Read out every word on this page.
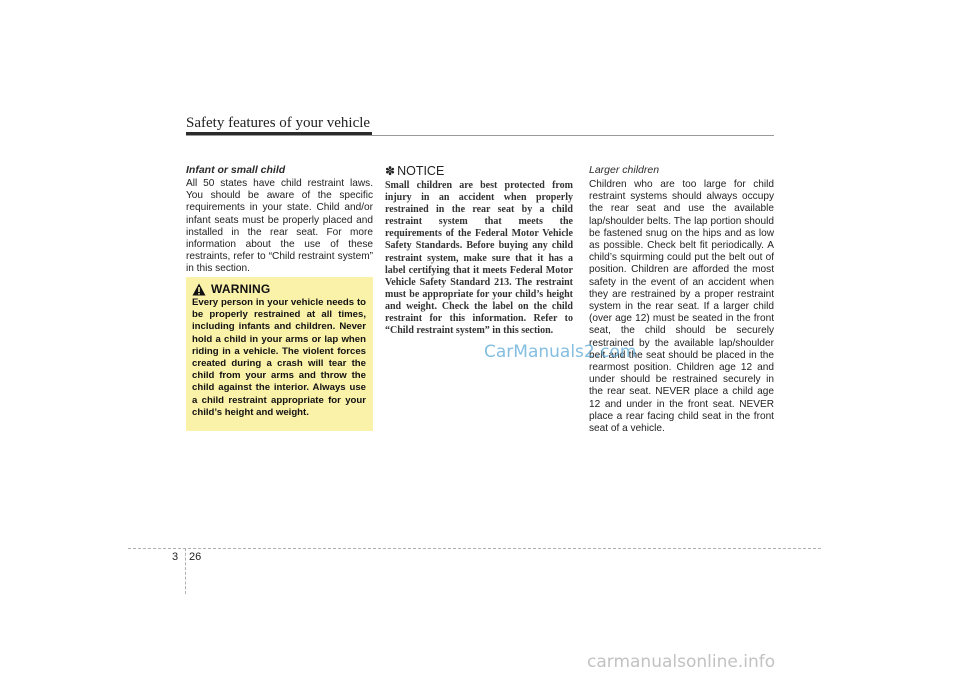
Safety features of your vehicle

Infant or small child

All 50 states have child restraint laws. You should be aware of the specific requirements in your state. Child and/or infant seats must be properly placed and installed in the rear seat. For more information about the use of these restraints, refer to “Child restraint system” in this section.

WARNING

Every person in your vehicle needs to be properly restrained at all times, including infants and children. Never hold a child in your arms or lap when riding in a vehicle. The violent forces created during a crash will tear the child from your arms and throw the child against the interior. Always use a child restraint appropriate for your child’s height and weight.

✽ NOTICE

Small children are best protected from injury in an accident when properly restrained in the rear seat by a child restraint system that meets the requirements of the Federal Motor Vehicle Safety Standards. Before buying any child restraint system, make sure that it has a label certifying that it meets Federal Motor Vehicle Safety Standard 213. The restraint must be appropriate for your child’s height and weight. Check the label on the child restraint for this information. Refer to “Child restraint system” in this section.

Larger children

Children who are too large for child restraint systems should always occupy the rear seat and use the available lap/shoulder belts. The lap portion should be fastened snug on the hips and as low as possible. Check belt fit periodically. A child’s squirming could put the belt out of position. Children are afforded the most safety in the event of an accident when they are restrained by a proper restraint system in the rear seat. If a larger child (over age 12) must be seated in the front seat, the child should be securely restrained by the available lap/shoulder belt and the seat should be placed in the rearmost position. Children age 12 and under should be restrained securely in the rear seat. NEVER place a child age 12 and under in the front seat. NEVER place a rear facing child seat in the front seat of a vehicle.

CarManuals2.com
3 26
carmanualsonline.info
